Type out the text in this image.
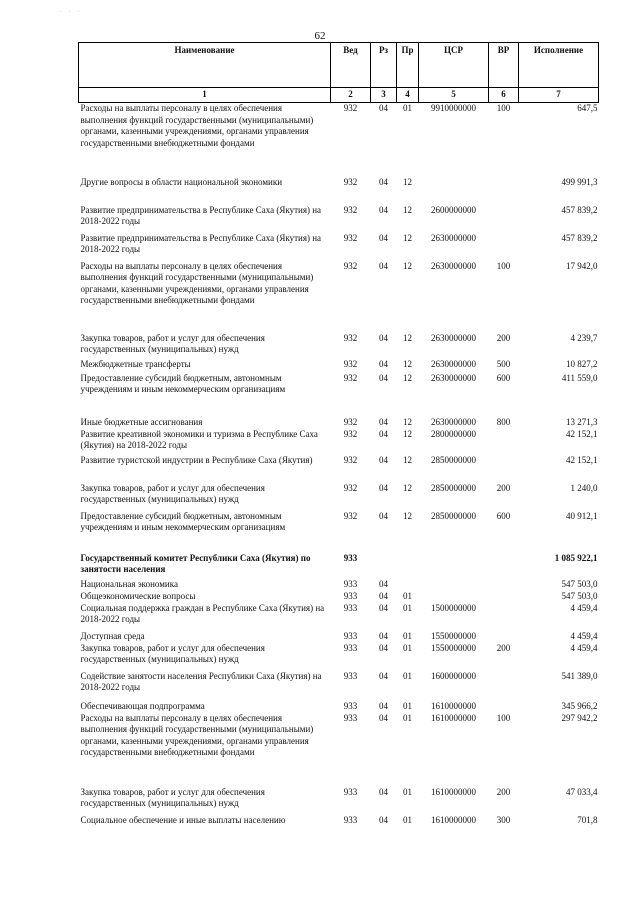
. . .
62
Наименование	Вед	Рз	Пр	ЦСР	ВР	Исполнение
1	2	3	4	5	6	7
Расходы на выплаты персоналу в целях обеспечения выполнения функций государственными (муниципальными) органами, казенными учреждениями, органами управления государственными внебюджетными фондами	932	04	01	9910000000	100	647,5
Другие вопросы в области национальной экономики	932	04	12			499 991,3
Развитие предпринимательства в Республике Саха (Якутия) на 2018-2022 годы	932	04	12	2600000000		457 839,2
Развитие предпринимательства в Республике Саха (Якутия) на 2018-2022 годы	932	04	12	2630000000		457 839,2
Расходы на выплаты персоналу в целях обеспечения выполнения функций государственными (муниципальными) органами, казенными учреждениями, органами управления государственными внебюджетными фондами	932	04	12	2630000000	100	17 942,0
Закупка товаров, работ и услуг для обеспечения государственных (муниципальных) нужд	932	04	12	2630000000	200	4 239,7
Межбюджетные трансферты	932	04	12	2630000000	500	10 827,2
Предоставление субсидий бюджетным, автономным учреждениям и иным некоммерческим организациям	932	04	12	2630000000	600	411 559,0
Иные бюджетные ассигнования	932	04	12	2630000000	800	13 271,3
Развитие креативной экономики и туризма в Республике Саха (Якутия) на 2018-2022 годы	932	04	12	2800000000		42 152,1
Развитие туристской индустрии в Республике Саха (Якутия)	932	04	12	2850000000		42 152,1
Закупка товаров, работ и услуг для обеспечения государственных (муниципальных) нужд	932	04	12	2850000000	200	1 240,0
Предоставление субсидий бюджетным, автономным учреждениям и иным некоммерческим организациям	932	04	12	2850000000	600	40 912,1
Государственный комитет Республики Саха (Якутия) по занятости населения	933					1 085 922,1
Национальная экономика	933	04				547 503,0
Общеэкономические вопросы	933	04	01			547 503,0
Социальная поддержка граждан в Республике Саха (Якутия) на 2018-2022 годы	933	04	01	1500000000		4 459,4
Доступная среда	933	04	01	1550000000		4 459,4
Закупка товаров, работ и услуг для обеспечения государственных (муниципальных) нужд	933	04	01	1550000000	200	4 459,4
Содействие занятости населения Республики Саха (Якутия) на 2018-2022 годы	933	04	01	1600000000		541 389,0
Обеспечивающая подпрограмма	933	04	01	1610000000		345 966,2
Расходы на выплаты персоналу в целях обеспечения выполнения функций государственными (муниципальными) органами, казенными учреждениями, органами управления государственными внебюджетными фондами	933	04	01	1610000000	100	297 942,2
Закупка товаров, работ и услуг для обеспечения государственных (муниципальных) нужд	933	04	01	1610000000	200	47 033,4
Социальное обеспечение и иные выплаты населению	933	04	01	1610000000	300	701,8
